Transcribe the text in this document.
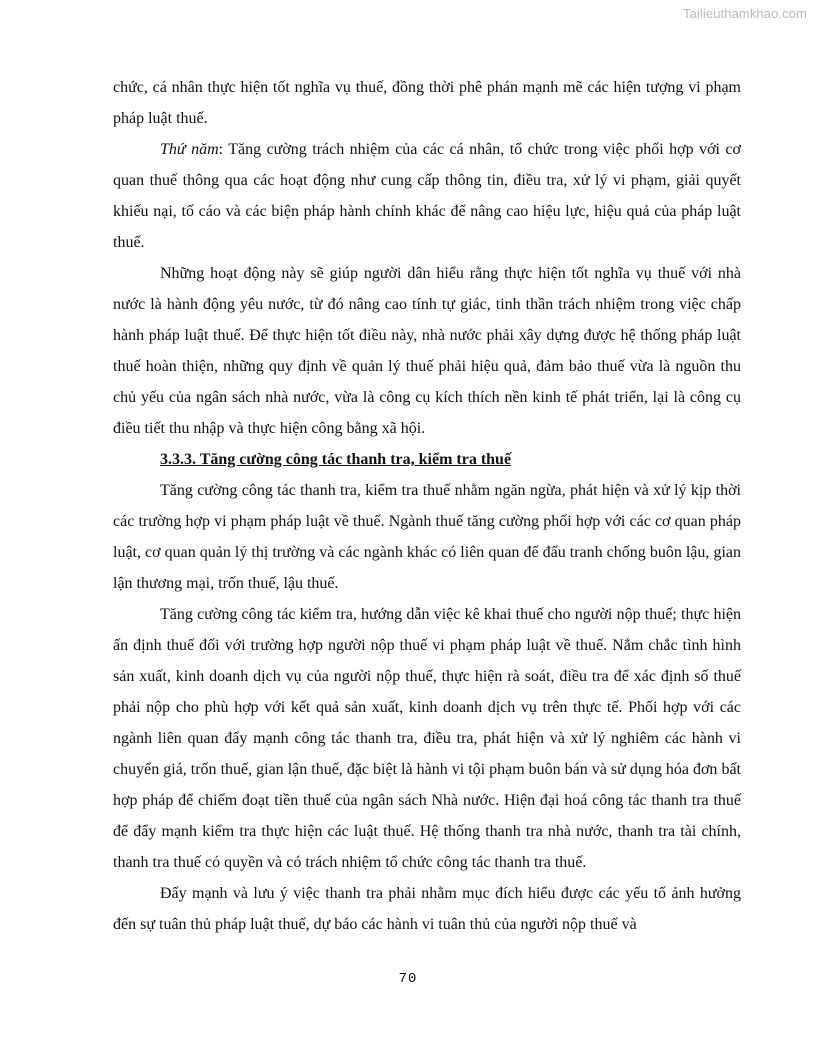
Tailieuthamkhao.com

chức, cá nhân thực hiện tốt nghĩa vụ thuế, đồng thời phê phán mạnh mẽ các hiện tượng vi phạm pháp luật thuế.

Thứ năm: Tăng cường trách nhiệm của các cá nhân, tổ chức trong việc phối hợp với cơ quan thuế thông qua các hoạt động như cung cấp thông tin, điều tra, xử lý vi phạm, giải quyết khiếu nại, tố cáo và các biện pháp hành chính khác để nâng cao hiệu lực, hiệu quả của pháp luật thuế.

Những hoạt động này sẽ giúp người dân hiểu rằng thực hiện tốt nghĩa vụ thuế với nhà nước là hành động yêu nước, từ đó nâng cao tính tự giác, tinh thần trách nhiệm trong việc chấp hành pháp luật thuế. Để thực hiện tốt điều này, nhà nước phải xây dựng được hệ thống pháp luật thuế hoàn thiện, những quy định về quản lý thuế phải hiệu quả, đảm bảo thuế vừa là nguồn thu chủ yếu của ngân sách nhà nước, vừa là công cụ kích thích nền kinh tế phát triển, lại là công cụ điều tiết thu nhập và thực hiện công bằng xã hội.

3.3.3. Tăng cường công tác thanh tra, kiểm tra thuế

Tăng cường công tác thanh tra, kiểm tra thuế nhằm ngăn ngừa, phát hiện và xử lý kịp thời các trường hợp vi phạm pháp luật về thuế. Ngành thuế tăng cường phối hợp với các cơ quan pháp luật, cơ quan quản lý thị trường và các ngành khác có liên quan để đấu tranh chống buôn lậu, gian lận thương mại, trốn thuế, lậu thuế.

Tăng cường công tác kiểm tra, hướng dẫn việc kê khai thuế cho người nộp thuế; thực hiện ấn định thuế đối với trường hợp người nộp thuế vi phạm pháp luật về thuế. Nắm chắc tình hình sản xuất, kinh doanh dịch vụ của người nộp thuế, thực hiện rà soát, điều tra để xác định số thuế phải nộp cho phù hợp với kết quả sản xuất, kinh doanh dịch vụ trên thực tế. Phối hợp với các ngành liên quan đẩy mạnh công tác thanh tra, điều tra, phát hiện và xử lý nghiêm các hành vi chuyển giá, trốn thuế, gian lận thuế, đặc biệt là hành vi tội phạm buôn bán và sử dụng hóa đơn bất hợp pháp để chiếm đoạt tiền thuế của ngân sách Nhà nước. Hiện đại hoá công tác thanh tra thuế để đẩy mạnh kiểm tra thực hiện các luật thuế. Hệ thống thanh tra nhà nước, thanh tra tài chính, thanh tra thuế có quyền và có trách nhiệm tổ chức công tác thanh tra thuế.

Đẩy mạnh và lưu ý việc thanh tra phải nhằm mục đích hiểu được các yếu tố ảnh hưởng đến sự tuân thủ pháp luật thuế, dự báo các hành vi tuân thủ của người nộp thuế và

70
